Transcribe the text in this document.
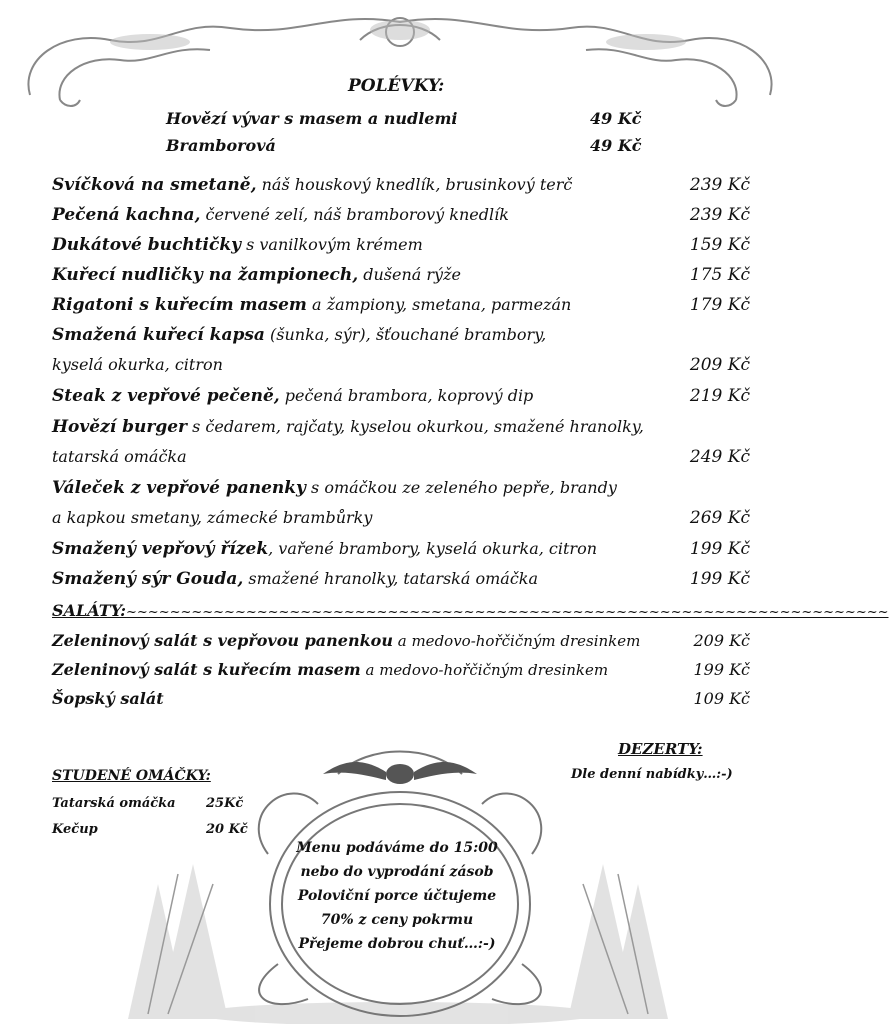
POLÉVKY:
Hovězí vývar s masem a nudlemi	49 Kč
Bramborová	49 Kč
Svíčková na smetaně, náš houskový knedlík, brusinkový terč	239 Kč
Pečená kachna, červené zelí, náš bramborový knedlík	239 Kč
Dukátové buchtičky s vanilkovým krémem	159 Kč
Kuřecí nudličky na žampionech, dušená rýže	175 Kč
Rigatoni s kuřecím masem a žampiony, smetana, parmezán	179 Kč
Smažená kuřecí kapsa (šunka, sýr), šťouchané brambory,
kyselá okurka, citron	209 Kč
Steak z vepřové pečeně, pečená brambora, koprový dip	219 Kč
Hovězí burger s čedarem, rajčaty, kyselou okurkou, smažené hranolky,
tatarská omáčka	249 Kč
Váleček z vepřové panenky s omáčkou ze zeleného pepře, brandy
a kapkou smetany, zámecké brambůrky	269 Kč
Smažený vepřový řízek, vařené brambory, kyselá okurka, citron	199 Kč
Smažený sýr Gouda, smažené hranolky, tatarská omáčka	199 Kč
SALÁTY:~~~~~~~~~~~~~~~~~~~~~~~~~~~~~~~~~~~~~~~~~~~~~~~~~~~~~~~~~~~~~~~~~~~~~~
Zeleninový salát s vepřovou panenkou a medovo-hořčičným dresinkem	209 Kč
Zeleninový salát s kuřecím masem a medovo-hořčičným dresinkem	199 Kč
Šopský salát	109 Kč
STUDENÉ OMÁČKY:
Tatarská omáčka 25Kč
Kečup	20 Kč
DEZERTY:
Dle denní nabídky…:-)
Menu podáváme do 15:00
nebo do vyprodání zásob
Poloviční porce účtujeme
70% z ceny pokrmu
Přejeme dobrou chuť…:-)
